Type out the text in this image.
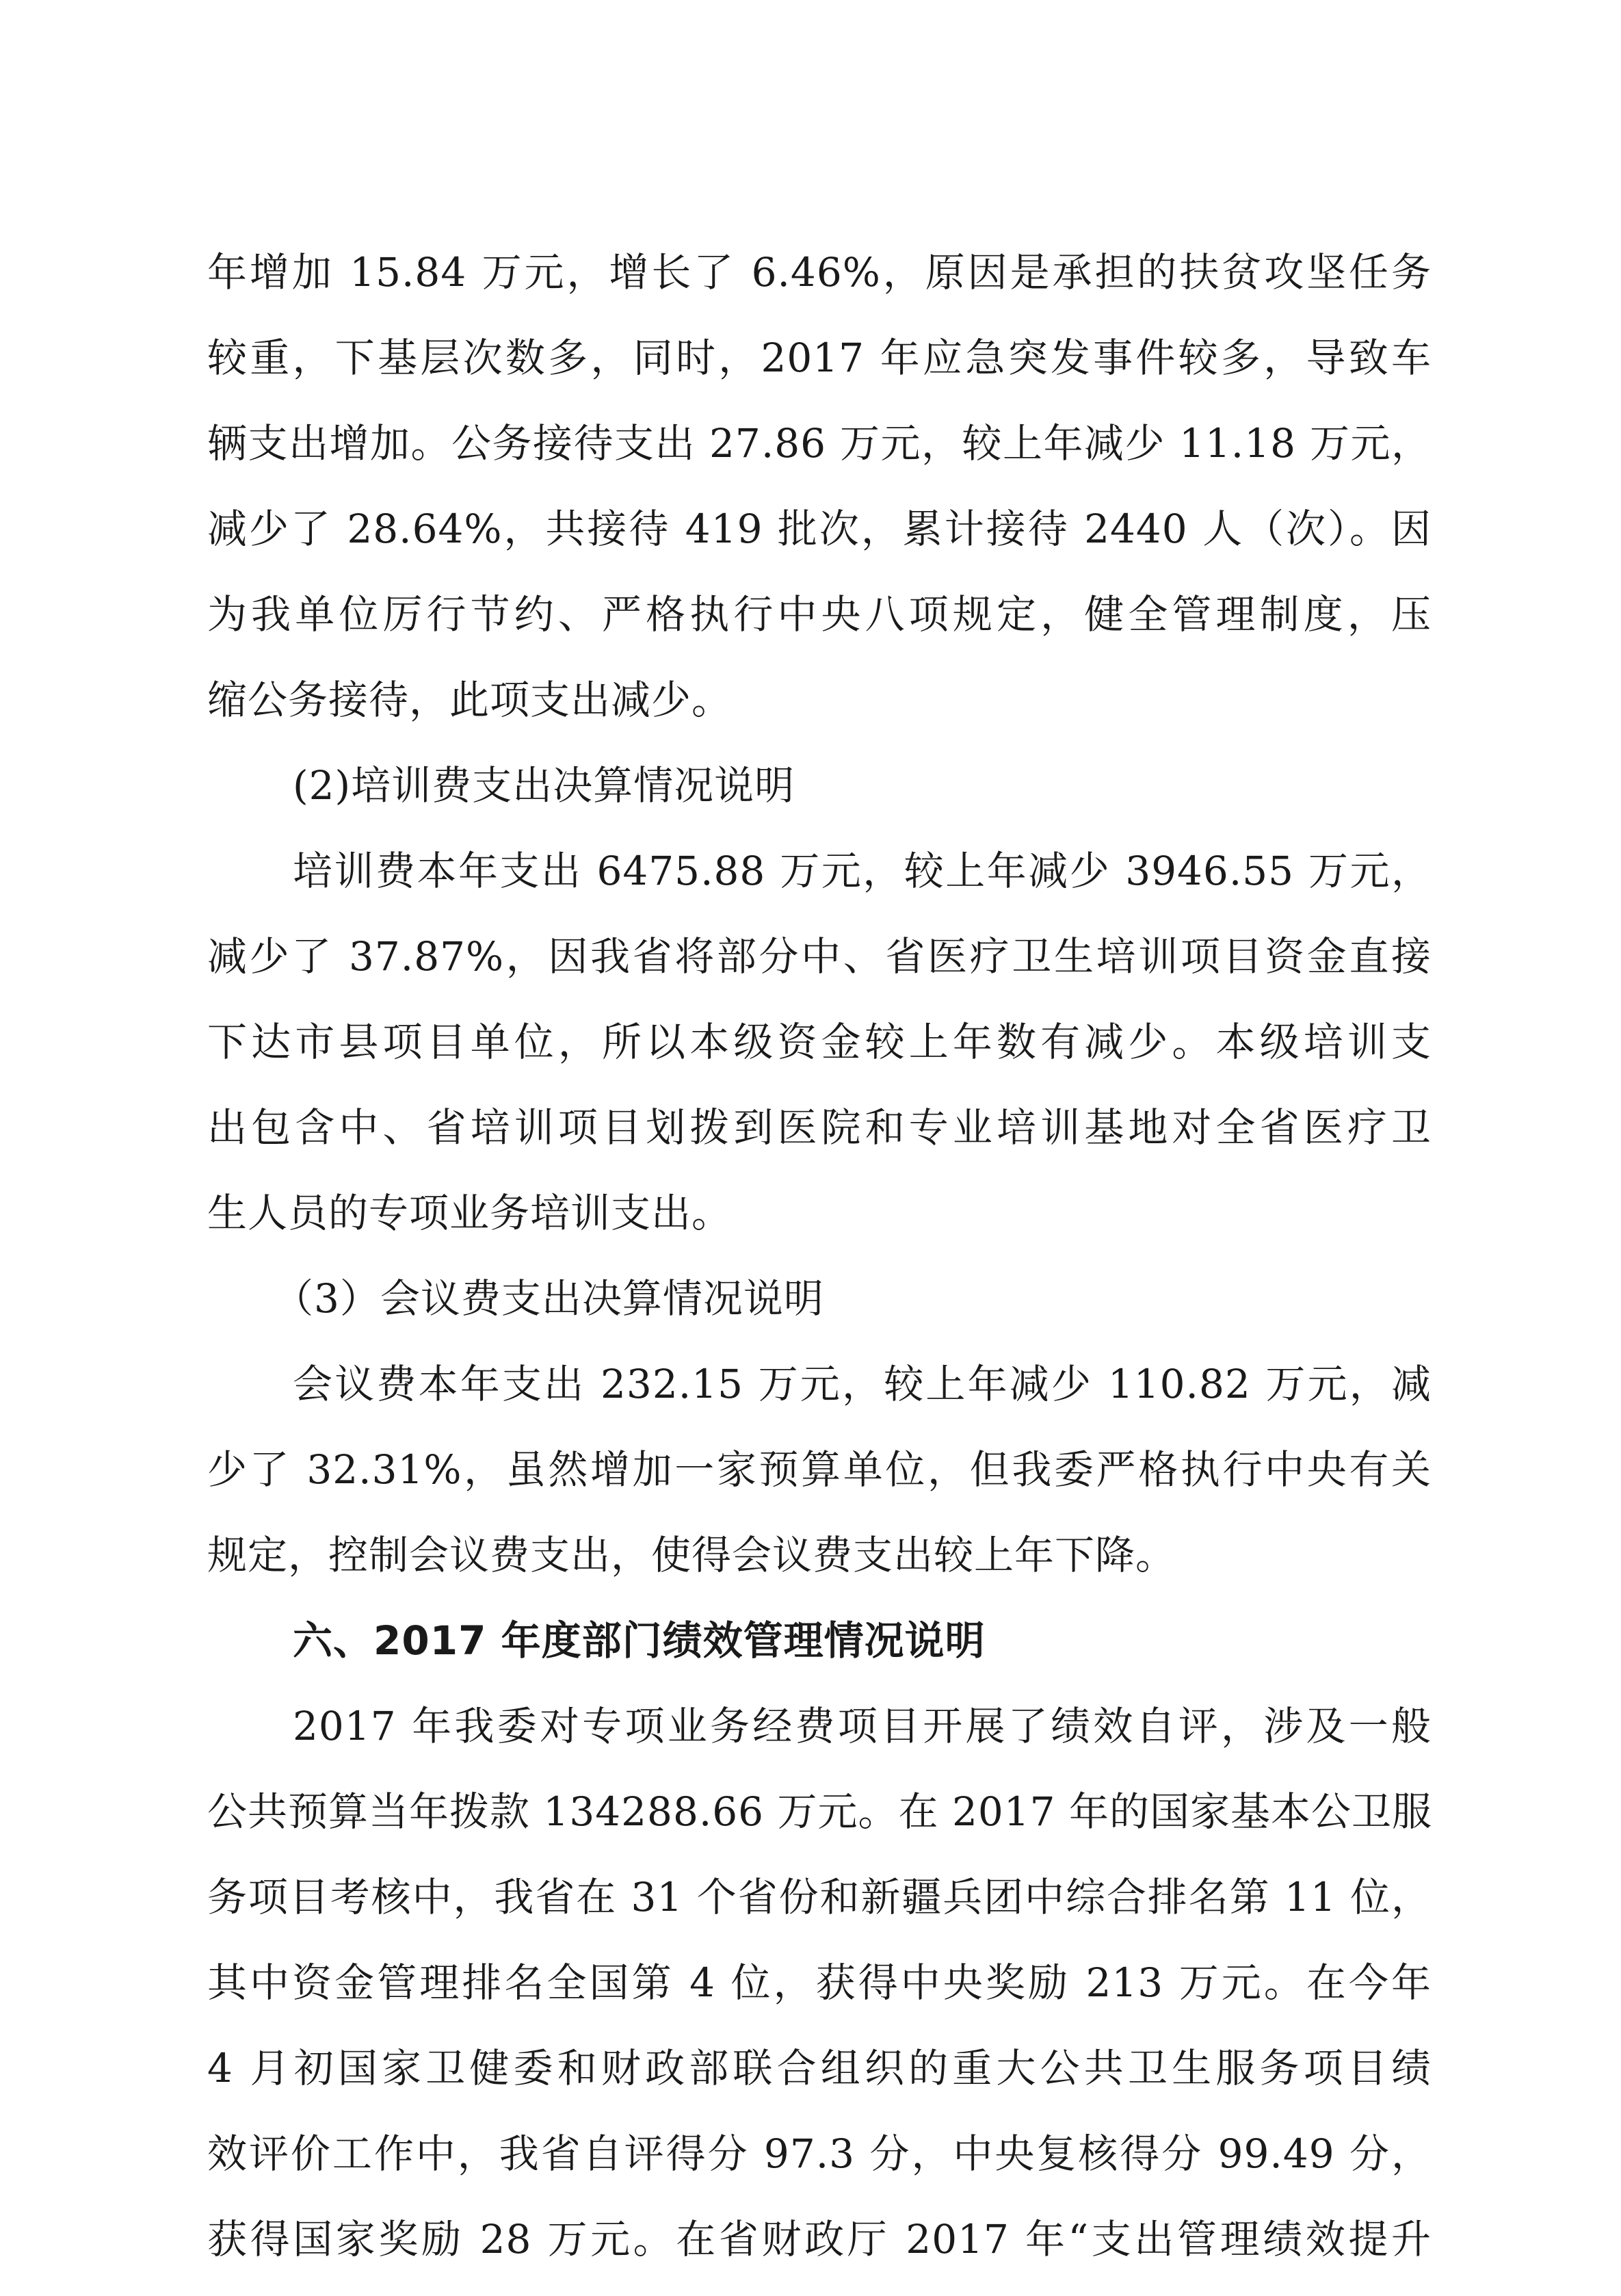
年增加 15.84 万元，增长了 6.46%，原因是承担的扶贫攻坚任务
较重，下基层次数多，同时，2017 年应急突发事件较多，导致车
辆支出增加。公务接待支出 27.86 万元，较上年减少 11.18 万元，
减少了 28.64%，共接待 419 批次，累计接待 2440 人（次）。因
为我单位厉行节约、严格执行中央八项规定，健全管理制度，压
缩公务接待，此项支出减少。
(2)培训费支出决算情况说明
培训费本年支出 6475.88 万元，较上年减少 3946.55 万元，
减少了 37.87%，因我省将部分中、省医疗卫生培训项目资金直接
下达市县项目单位，所以本级资金较上年数有减少。本级培训支
出包含中、省培训项目划拨到医院和专业培训基地对全省医疗卫
生人员的专项业务培训支出。
（3）会议费支出决算情况说明
会议费本年支出 232.15 万元，较上年减少 110.82 万元，减
少了 32.31%，虽然增加一家预算单位，但我委严格执行中央有关
规定，控制会议费支出，使得会议费支出较上年下降。
六、2017 年度部门绩效管理情况说明
2017 年我委对专项业务经费项目开展了绩效自评，涉及一般
公共预算当年拨款 134288.66 万元。在 2017 年的国家基本公卫服
务项目考核中，我省在 31 个省份和新疆兵团中综合排名第 11 位，
其中资金管理排名全国第 4 位，获得中央奖励 213 万元。在今年
4 月初国家卫健委和财政部联合组织的重大公共卫生服务项目绩
效评价工作中，我省自评得分 97.3 分，中央复核得分 99.49 分，
获得国家奖励 28 万元。在省财政厅 2017 年“支出管理绩效提升
